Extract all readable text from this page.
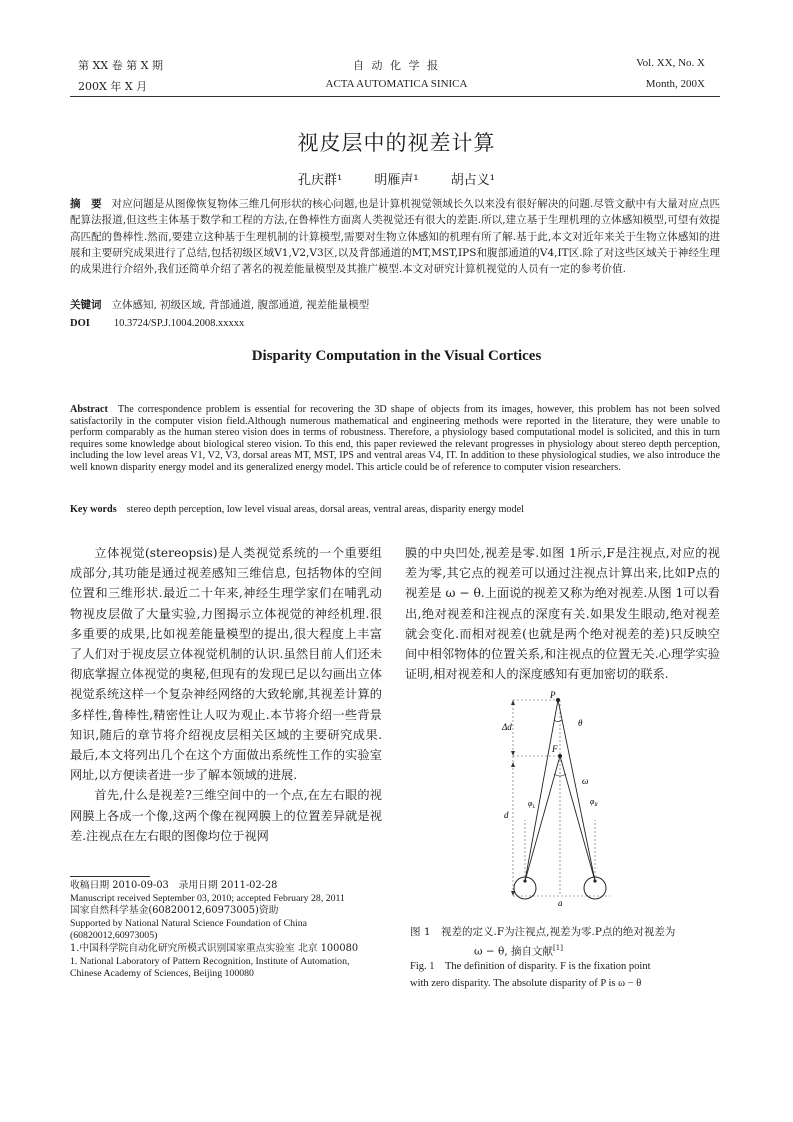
第 XX 卷 第 X 期
200X 年 X 月
自 动 化 学 报
ACTA AUTOMATICA SINICA
Vol. XX, No. X
Month, 200X
视皮层中的视差计算
孔庆群¹ 明雁声¹ 胡占义¹
摘　要 对应问题是从图像恢复物体三维几何形状的核心问题,也是计算机视觉领域长久以来没有很好解决的问题.尽管文献中有大量对应点匹配算法报道,但这些主体基于数学和工程的方法,在鲁棒性方面离人类视觉还有很大的差距.所以,建立基于生理机理的立体感知模型,可望有效提高匹配的鲁棒性.然而,要建立这种基于生理机制的计算模型,需要对生物立体感知的机理有所了解.基于此,本文对近年来关于生物立体感知的进展和主要研究成果进行了总结,包括初级区域V1,V2,V3区,以及背部通道的MT,MST,IPS和腹部通道的V4,IT区.除了对这些区域关于神经生理的成果进行介绍外,我们还简单介绍了著名的视差能量模型及其推广模型.本文对研究计算机视觉的人员有一定的参考价值.
关键词 立体感知, 初级区域, 背部通道, 腹部通道, 视差能量模型
DOI 10.3724/SP.J.1004.2008.xxxxx
Disparity Computation in the Visual Cortices
Abstract The correspondence problem is essential for recovering the 3D shape of objects from its images, however, this problem has not been solved satisfactorily in the computer vision field.Although numerous mathematical and engineering methods were reported in the literature, they were unable to perform comparably as the human stereo vision does in terms of robustness. Therefore, a physiology based computational model is solicited, and this in turn requires some knowledge about biological stereo vision. To this end, this paper reviewed the relevant progresses in physiology about stereo depth perception, including the low level areas V1, V2, V3, dorsal areas MT, MST, IPS and ventral areas V4, IT. In addition to these physiological studies, we also introduce the well known disparity energy model and its generalized energy model. This article could be of reference to computer vision researchers.
Key words stereo depth perception, low level visual areas, dorsal areas, ventral areas, disparity energy model

立体视觉(stereopsis)是人类视觉系统的一个重要组成部分,其功能是通过视差感知三维信息, 包括物体的空间位置和三维形状.最近二十年来,神经生理学家们在哺乳动物视皮层做了大量实验,力图揭示立体视觉的神经机理.很多重要的成果,比如视差能量模型的提出,很大程度上丰富了人们对于视皮层立体视觉机制的认识.虽然目前人们还未彻底掌握立体视觉的奥秘,但现有的发现已足以勾画出立体视觉系统这样一个复杂神经网络的大致轮廓,其视差计算的多样性,鲁棒性,精密性让人叹为观止.本节将介绍一些背景知识,随后的章节将介绍视皮层相关区域的主要研究成果.最后,本文将列出几个在这个方面做出系统性工作的实验室网址,以方便读者进一步了解本领域的进展.

首先,什么是视差?三维空间中的一个点,在左右眼的视网膜上各成一个像,这两个像在视网膜上的位置差异就是视差.注视点在左右眼的图像均位于视网

收稿日期 2010-09-03　录用日期 2011-02-28
Manuscript received September 03, 2010; accepted February 28, 2011
国家自然科学基金(60820012,60973005)资助
Supported by National Natural Science Foundation of China (60820012,60973005)
1.中国科学院自动化研究所模式识别国家重点实验室 北京 100080
1. National Laboratory of Pattern Recognition, Institute of Automation, Chinese Academy of Sciences, Beijing 100080
膜的中央凹处,视差是零.如图 1所示,F是注视点,对应的视差为零,其它点的视差可以通过注视点计算出来,比如P点的视差是 ω − θ.上面说的视差又称为绝对视差.从图 1可以看出,绝对视差和注视点的深度有关.如果发生眼动,绝对视差就会变化.而相对视差(也就是两个绝对视差的差)只反映空间中相邻物体的位置关系,和注视点的位置无关.心理学实验证明,相对视差和人的深度感知有更加密切的联系.
P
F
θ
ω
Δd
d
a
$\varphi_L$
$\varphi_R$
图 1　视差的定义.F为注视点,视差为零.P点的绝对视差为
ω − θ, 摘自文献[1]
Fig. 1　The definition of disparity. F is the fixation point
with zero disparity. The absolute disparity of P is ω − θ
